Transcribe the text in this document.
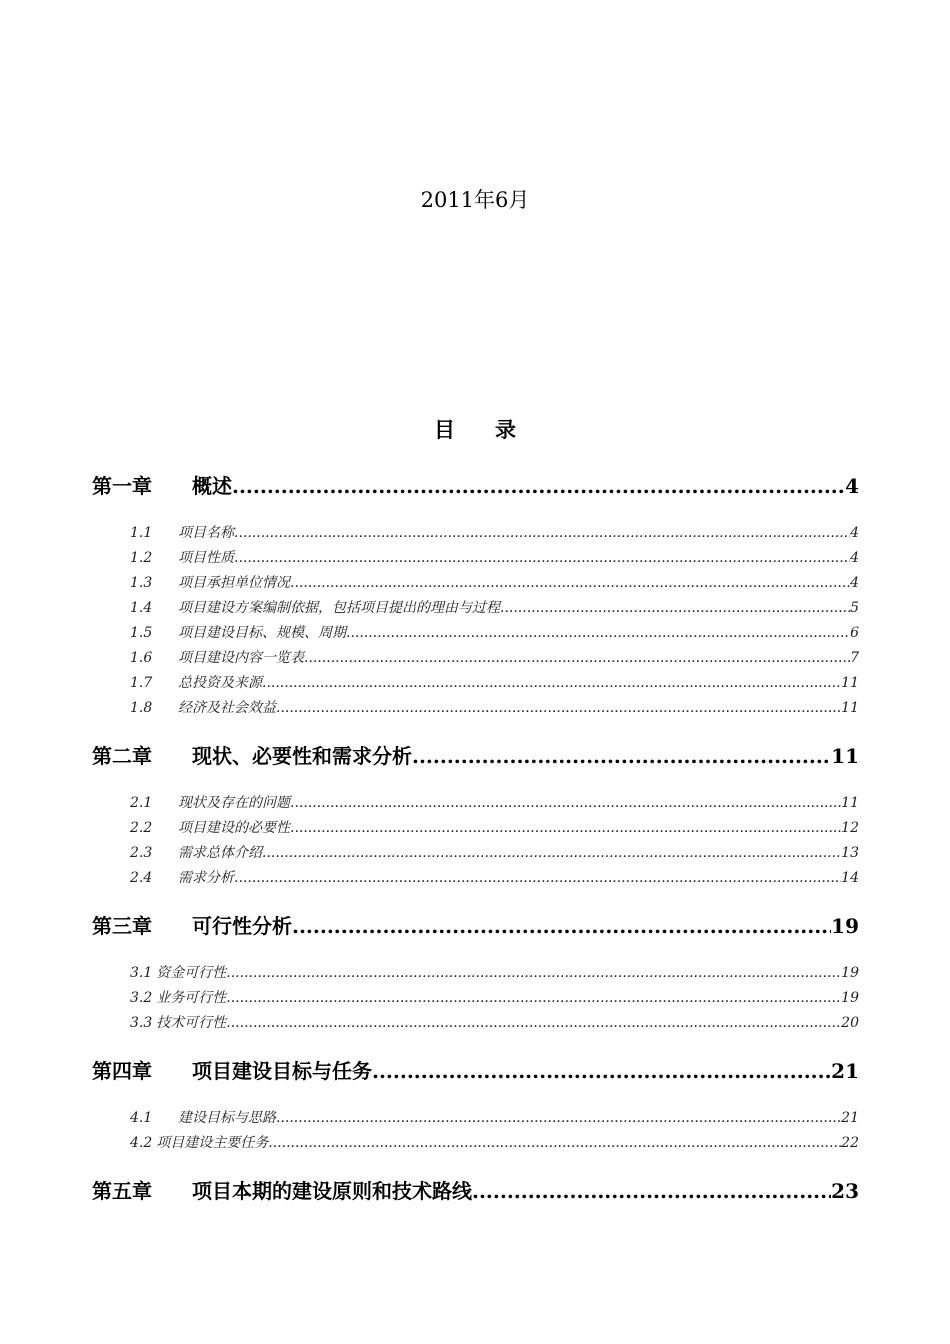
2011年6月
目录
第一章	概述 .....	4
1.1	项目名称 .....	4
1.2	项目性质 .....	4
1.3	项目承担单位情况 .....	4
1.4	项目建设方案编制依据，包括项目提出的理由与过程 .....	5
1.5	项目建设目标、规模、周期 .....	6
1.6	项目建设内容一览表 .....	7
1.7	总投资及来源 .....	11
1.8	经济及社会效益 .....	11
第二章	现状、必要性和需求分析 .....	11
2.1	现状及存在的问题 .....	11
2.2	项目建设的必要性 .....	12
2.3	需求总体介绍 .....	13
2.4	需求分析 .....	14
第三章	可行性分析 .....	19
3.1 资金可行性 .....	19
3.2 业务可行性 .....	19
3.3 技术可行性 .....	20
第四章	项目建设目标与任务 .....	21
4.1	建设目标与思路 .....	21
4.2 项目建设主要任务 .....	22
第五章	项目本期的建设原则和技术路线 .....	23
